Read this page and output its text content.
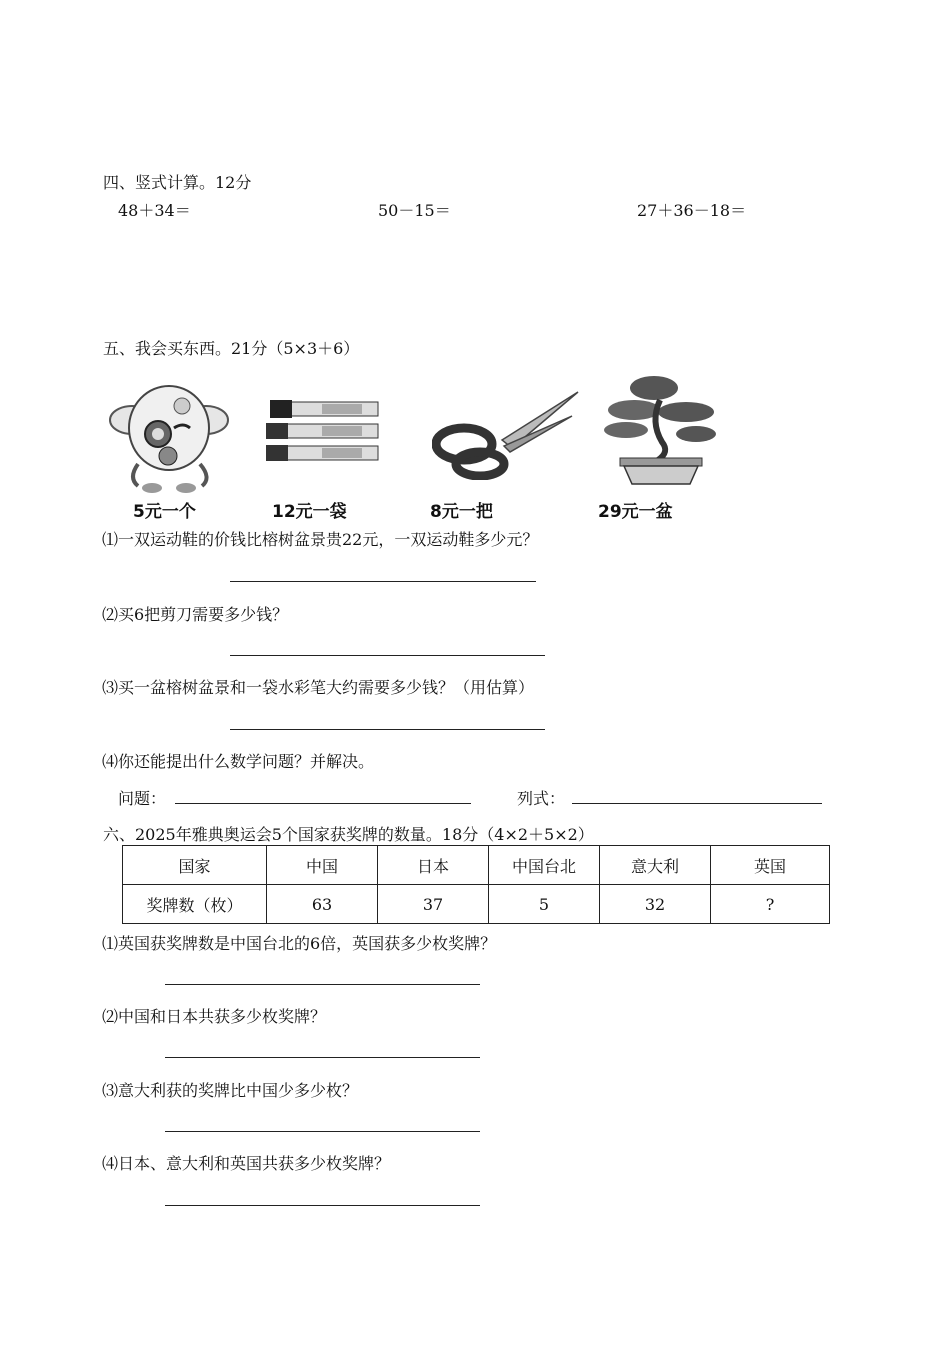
四、竖式计算。12分
48＋34＝	50－15＝	27＋36－18＝
五、我会买东西。21分（5×3＋6）
5元一个	12元一袋	8元一把	29元一盆
⑴一双运动鞋的价钱比榕树盆景贵22元，一双运动鞋多少元？
⑵买6把剪刀需要多少钱？
⑶买一盆榕树盆景和一袋水彩笔大约需要多少钱？（用估算）
⑷你还能提出什么数学问题？并解决。
问题：	列式：
六、2025年雅典奥运会5个国家获奖牌的数量。18分（4×2＋5×2）
国家	中国	日本	中国台北	意大利	英国
奖牌数（枚）	63	37	5	32	?
⑴英国获奖牌数是中国台北的6倍，英国获多少枚奖牌？
⑵中国和日本共获多少枚奖牌？
⑶意大利获的奖牌比中国少多少枚？
⑷日本、意大利和英国共获多少枚奖牌？
